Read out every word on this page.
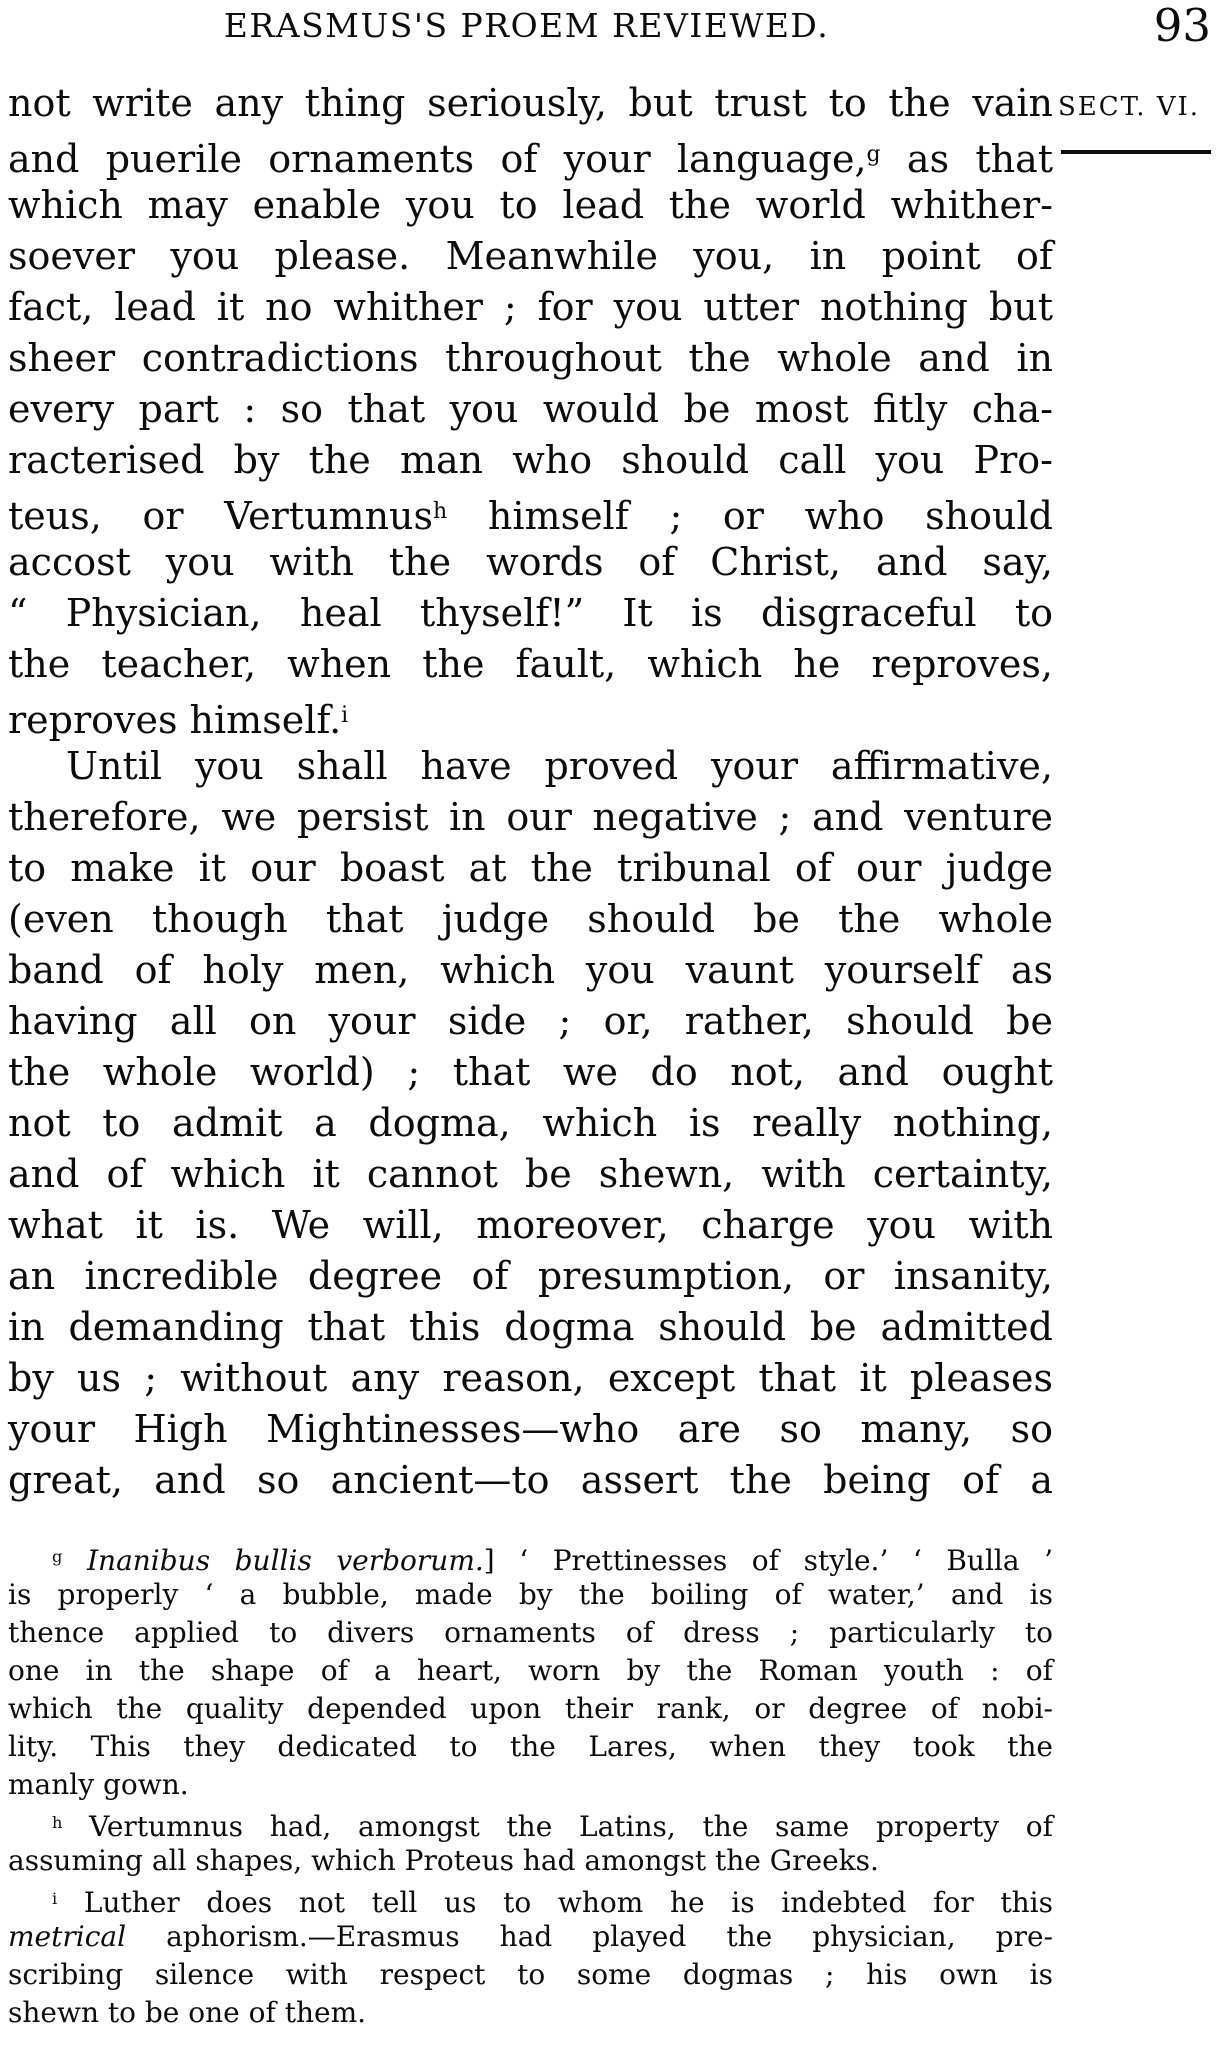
ERASMUS'S PROEM REVIEWED.	93
SECT. VI.
not write any thing seriously, but trust to the vain
and puerile ornaments of your language,$^g$ as that
which may enable you to lead the world whither-
soever you please. Meanwhile you, in point of
fact, lead it no whither ; for you utter nothing but
sheer contradictions throughout the whole and in
every part : so that you would be most fitly cha-
racterised by the man who should call you Pro-
teus, or Vertumnus$^h$ himself ; or who should
accost you with the words of Christ, and say,
“ Physician, heal thyself!” It is disgraceful to
the teacher, when the fault, which he reproves,
reproves himself.$^i$
Until you shall have proved your affirmative,
therefore, we persist in our negative ; and venture
to make it our boast at the tribunal of our judge
(even though that judge should be the whole
band of holy men, which you vaunt yourself as
having all on your side ; or, rather, should be
the whole world) ; that we do not, and ought
not to admit a dogma, which is really nothing,
and of which it cannot be shewn, with certainty,
what it is. We will, moreover, charge you with
an incredible degree of presumption, or insanity,
in demanding that this dogma should be admitted
by us ; without any reason, except that it pleases
your High Mightinesses—who are so many, so
great, and so ancient—to assert the being of a
$^g$ Inanibus bullis verborum.] ‘ Prettinesses of style.’ ‘ Bulla ’
is properly ‘ a bubble, made by the boiling of water,’ and is
thence applied to divers ornaments of dress ; particularly to
one in the shape of a heart, worn by the Roman youth : of
which the quality depended upon their rank, or degree of nobi-
lity. This they dedicated to the Lares, when they took the
manly gown.
$^h$ Vertumnus had, amongst the Latins, the same property of
assuming all shapes, which Proteus had amongst the Greeks.
$^i$ Luther does not tell us to whom he is indebted for this
metrical aphorism.—Erasmus had played the physician, pre-
scribing silence with respect to some dogmas ; his own is
shewn to be one of them.
